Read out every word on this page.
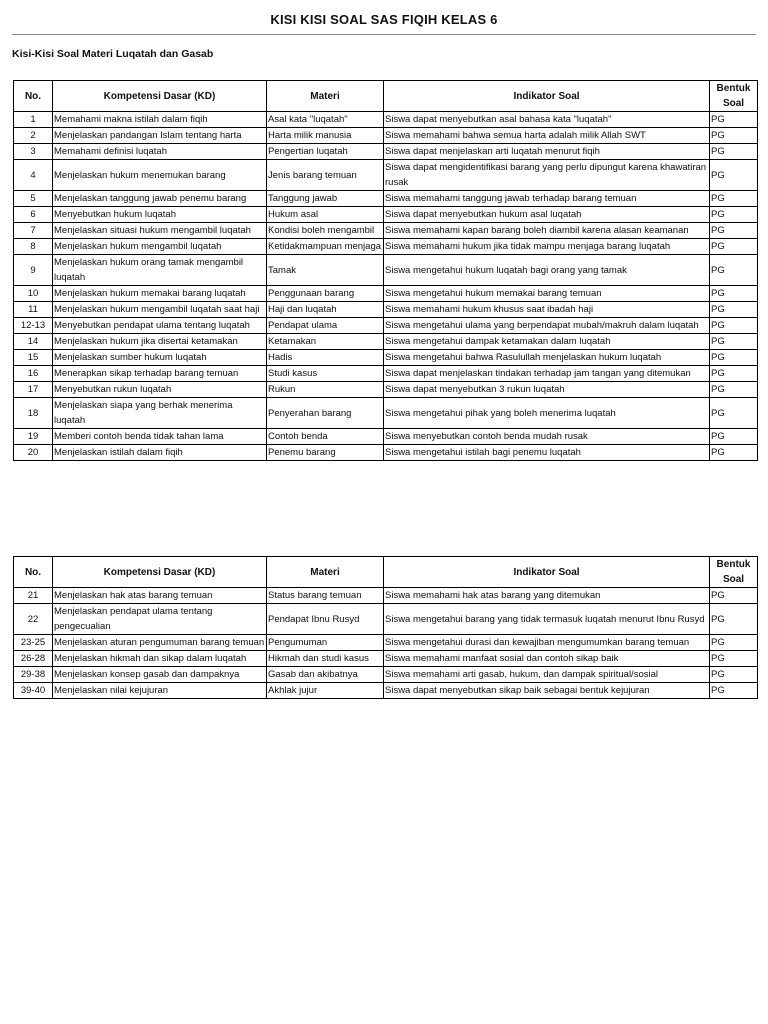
KISI KISI SOAL SAS FIQIH KELAS 6
Kisi-Kisi Soal Materi Luqatah dan Gasab
No.	Kompetensi Dasar (KD)	Materi	Indikator Soal	Bentuk
Soal
1	Memahami makna istilah dalam fiqih	Asal kata "luqatah"	Siswa dapat menyebutkan asal bahasa kata "luqatah"	PG
2	Menjelaskan pandangan Islam tentang harta	Harta milik manusia	Siswa memahami bahwa semua harta adalah milik Allah SWT	PG
3	Memahami definisi luqatah	Pengertian luqatah	Siswa dapat menjelaskan arti luqatah menurut fiqih	PG
4	Menjelaskan hukum menemukan barang	Jenis barang temuan	Siswa dapat mengidentifikasi barang yang perlu dipungut karena khawatiran rusak	PG
5	Menjelaskan tanggung jawab penemu barang	Tanggung jawab	Siswa memahami tanggung jawab terhadap barang temuan	PG
6	Menyebutkan hukum luqatah	Hukum asal	Siswa dapat menyebutkan hukum asal luqatah	PG
7	Menjelaskan situasi hukum mengambil luqatah	Kondisi boleh mengambil	Siswa memahami kapan barang boleh diambil karena alasan keamanan	PG
8	Menjelaskan hukum mengambil luqatah	Ketidakmampuan menjaga	Siswa memahami hukum jika tidak mampu menjaga barang luqatah	PG
9	Menjelaskan hukum orang tamak mengambil luqatah	Tamak	Siswa mengetahui hukum luqatah bagi orang yang tamak	PG
10	Menjelaskan hukum memakai barang luqatah	Penggunaan barang	Siswa mengetahui hukum memakai barang temuan	PG
11	Menjelaskan hukum mengambil luqatah saat haji	Haji dan luqatah	Siswa memahami hukum khusus saat ibadah haji	PG
12-13	Menyebutkan pendapat ulama tentang luqatah	Pendapat ulama	Siswa mengetahui ulama yang berpendapat mubah/makruh dalam luqatah	PG
14	Menjelaskan hukum jika disertai ketamakan	Ketamakan	Siswa mengetahui dampak ketamakan dalam luqatah	PG
15	Menjelaskan sumber hukum luqatah	Hadis	Siswa mengetahui bahwa Rasulullah menjelaskan hukum luqatah	PG
16	Menerapkan sikap terhadap barang temuan	Studi kasus	Siswa dapat menjelaskan tindakan terhadap jam tangan yang ditemukan	PG
17	Menyebutkan rukun luqatah	Rukun	Siswa dapat menyebutkan 3 rukun luqatah	PG
18	Menjelaskan siapa yang berhak menerima luqatah	Penyerahan barang	Siswa mengetahui pihak yang boleh menerima luqatah	PG
19	Memberi contoh benda tidak tahan lama	Contoh benda	Siswa menyebutkan contoh benda mudah rusak	PG
20	Menjelaskan istilah dalam fiqih	Penemu barang	Siswa mengetahui istilah bagi penemu luqatah	PG
No.	Kompetensi Dasar (KD)	Materi	Indikator Soal	Bentuk
Soal
21	Menjelaskan hak atas barang temuan	Status barang temuan	Siswa memahami hak atas barang yang ditemukan	PG
22	Menjelaskan pendapat ulama tentang pengecualian	Pendapat Ibnu Rusyd	Siswa mengetahui barang yang tidak termasuk luqatah menurut Ibnu Rusyd	PG
23-25	Menjelaskan aturan pengumuman barang temuan	Pengumuman	Siswa mengetahui durasi dan kewajiban mengumumkan barang temuan	PG
26-28	Menjelaskan hikmah dan sikap dalam luqatah	Hikmah dan studi kasus	Siswa memahami manfaat sosial dan contoh sikap baik	PG
29-38	Menjelaskan konsep gasab dan dampaknya	Gasab dan akibatnya	Siswa memahami arti gasab, hukum, dan dampak spiritual/sosial	PG
39-40	Menjelaskan nilai kejujuran	Akhlak jujur	Siswa dapat menyebutkan sikap baik sebagai bentuk kejujuran	PG
